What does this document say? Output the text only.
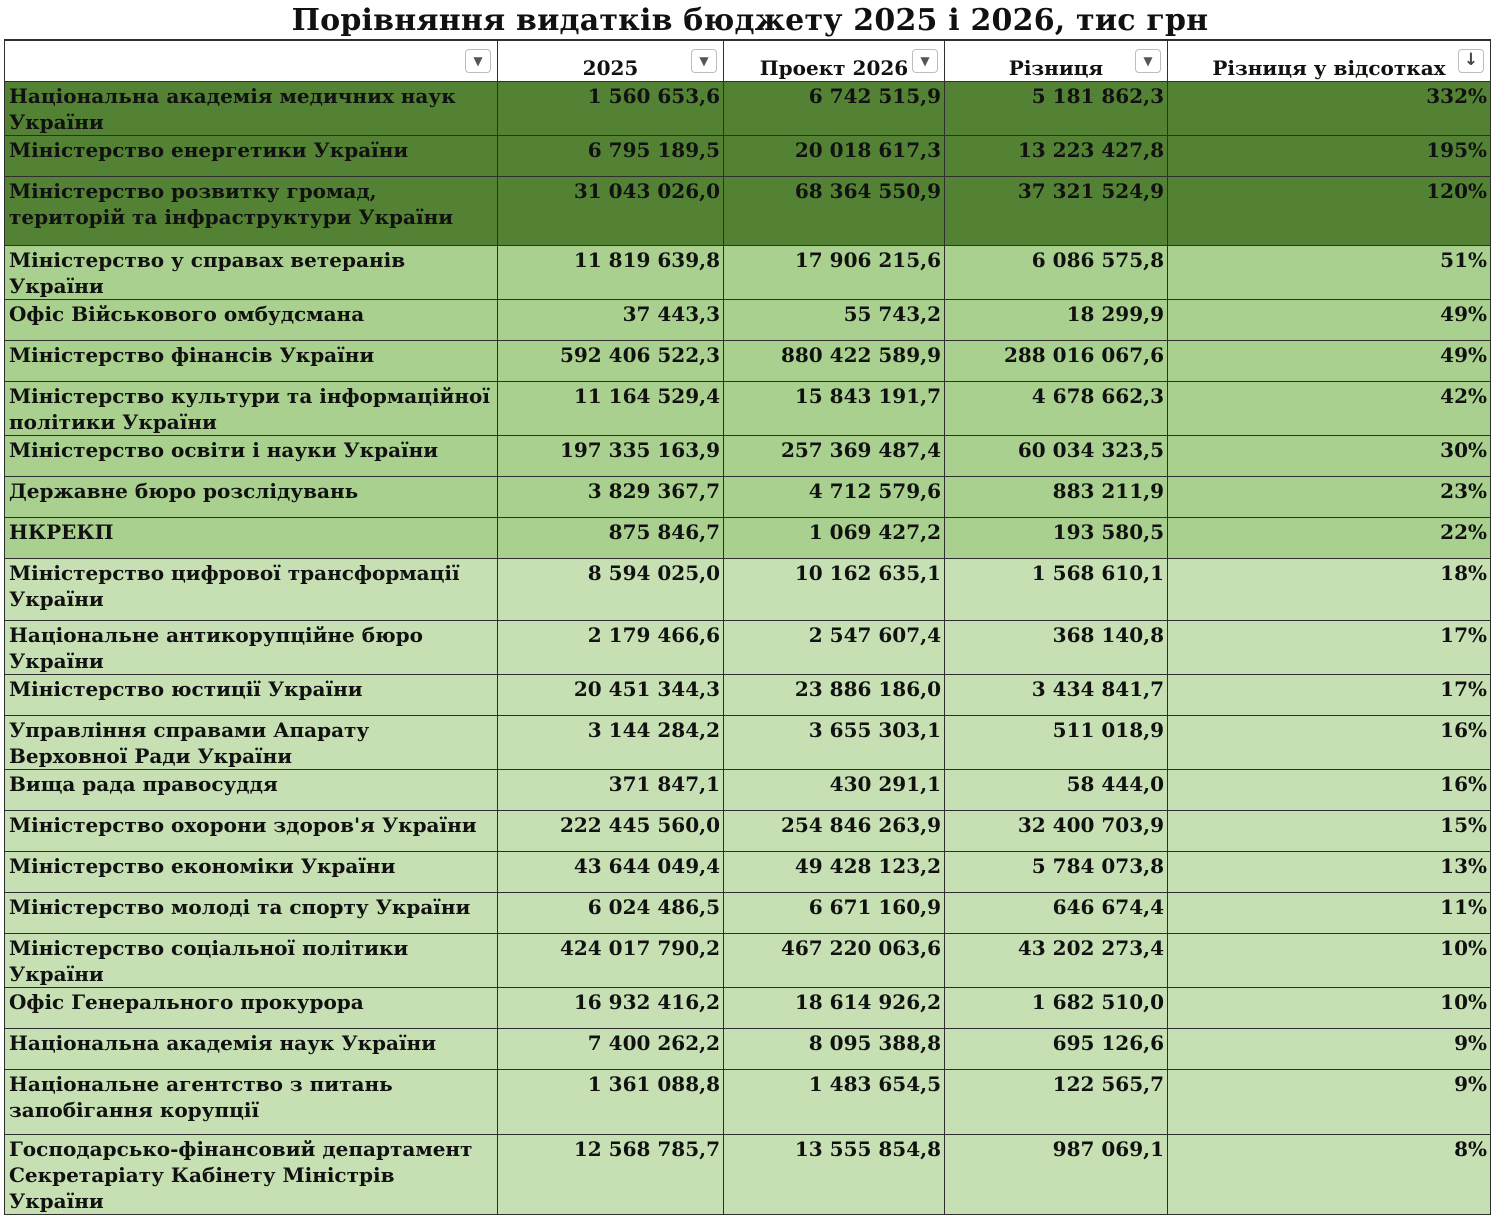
Порівняння видатків бюджету 2025 і 2026, тис грн
▼	2025 ▼	Проект 2026 ▼	Різниця ▼	Різниця у відсотках ↓

Національна академія медичних наук України	1 560 653,6	6 742 515,9	5 181 862,3	332%
Міністерство енергетики України	6 795 189,5	20 018 617,3	13 223 427,8	195%
Міністерство розвитку громад, територій та інфраструктури України	31 043 026,0	68 364 550,9	37 321 524,9	120%
Міністерство у справах ветеранів України	11 819 639,8	17 906 215,6	6 086 575,8	51%
Офіс Військового омбудсмана	37 443,3	55 743,2	18 299,9	49%
Міністерство фінансів України	592 406 522,3	880 422 589,9	288 016 067,6	49%
Міністерство культури та інформаційної політики України	11 164 529,4	15 843 191,7	4 678 662,3	42%
Міністерство освіти і науки України	197 335 163,9	257 369 487,4	60 034 323,5	30%
Державне бюро розслідувань	3 829 367,7	4 712 579,6	883 211,9	23%
НКРЕКП	875 846,7	1 069 427,2	193 580,5	22%
Міністерство цифрової трансформації України	8 594 025,0	10 162 635,1	1 568 610,1	18%
Національне антикорупційне бюро України	2 179 466,6	2 547 607,4	368 140,8	17%
Міністерство юстиції України	20 451 344,3	23 886 186,0	3 434 841,7	17%
Управління справами Апарату Верховної Ради України	3 144 284,2	3 655 303,1	511 018,9	16%
Вища рада правосуддя	371 847,1	430 291,1	58 444,0	16%
Міністерство охорони здоров'я України	222 445 560,0	254 846 263,9	32 400 703,9	15%
Міністерство економіки України	43 644 049,4	49 428 123,2	5 784 073,8	13%
Міністерство молоді та спорту України	6 024 486,5	6 671 160,9	646 674,4	11%
Міністерство соціальної політики України	424 017 790,2	467 220 063,6	43 202 273,4	10%
Офіс Генерального прокурора	16 932 416,2	18 614 926,2	1 682 510,0	10%
Національна академія наук України	7 400 262,2	8 095 388,8	695 126,6	9%
Національне агентство з питань запобігання корупції	1 361 088,8	1 483 654,5	122 565,7	9%
Господарсько-фінансовий департамент Секретаріату Кабінету Міністрів України	12 568 785,7	13 555 854,8	987 069,1	8%
